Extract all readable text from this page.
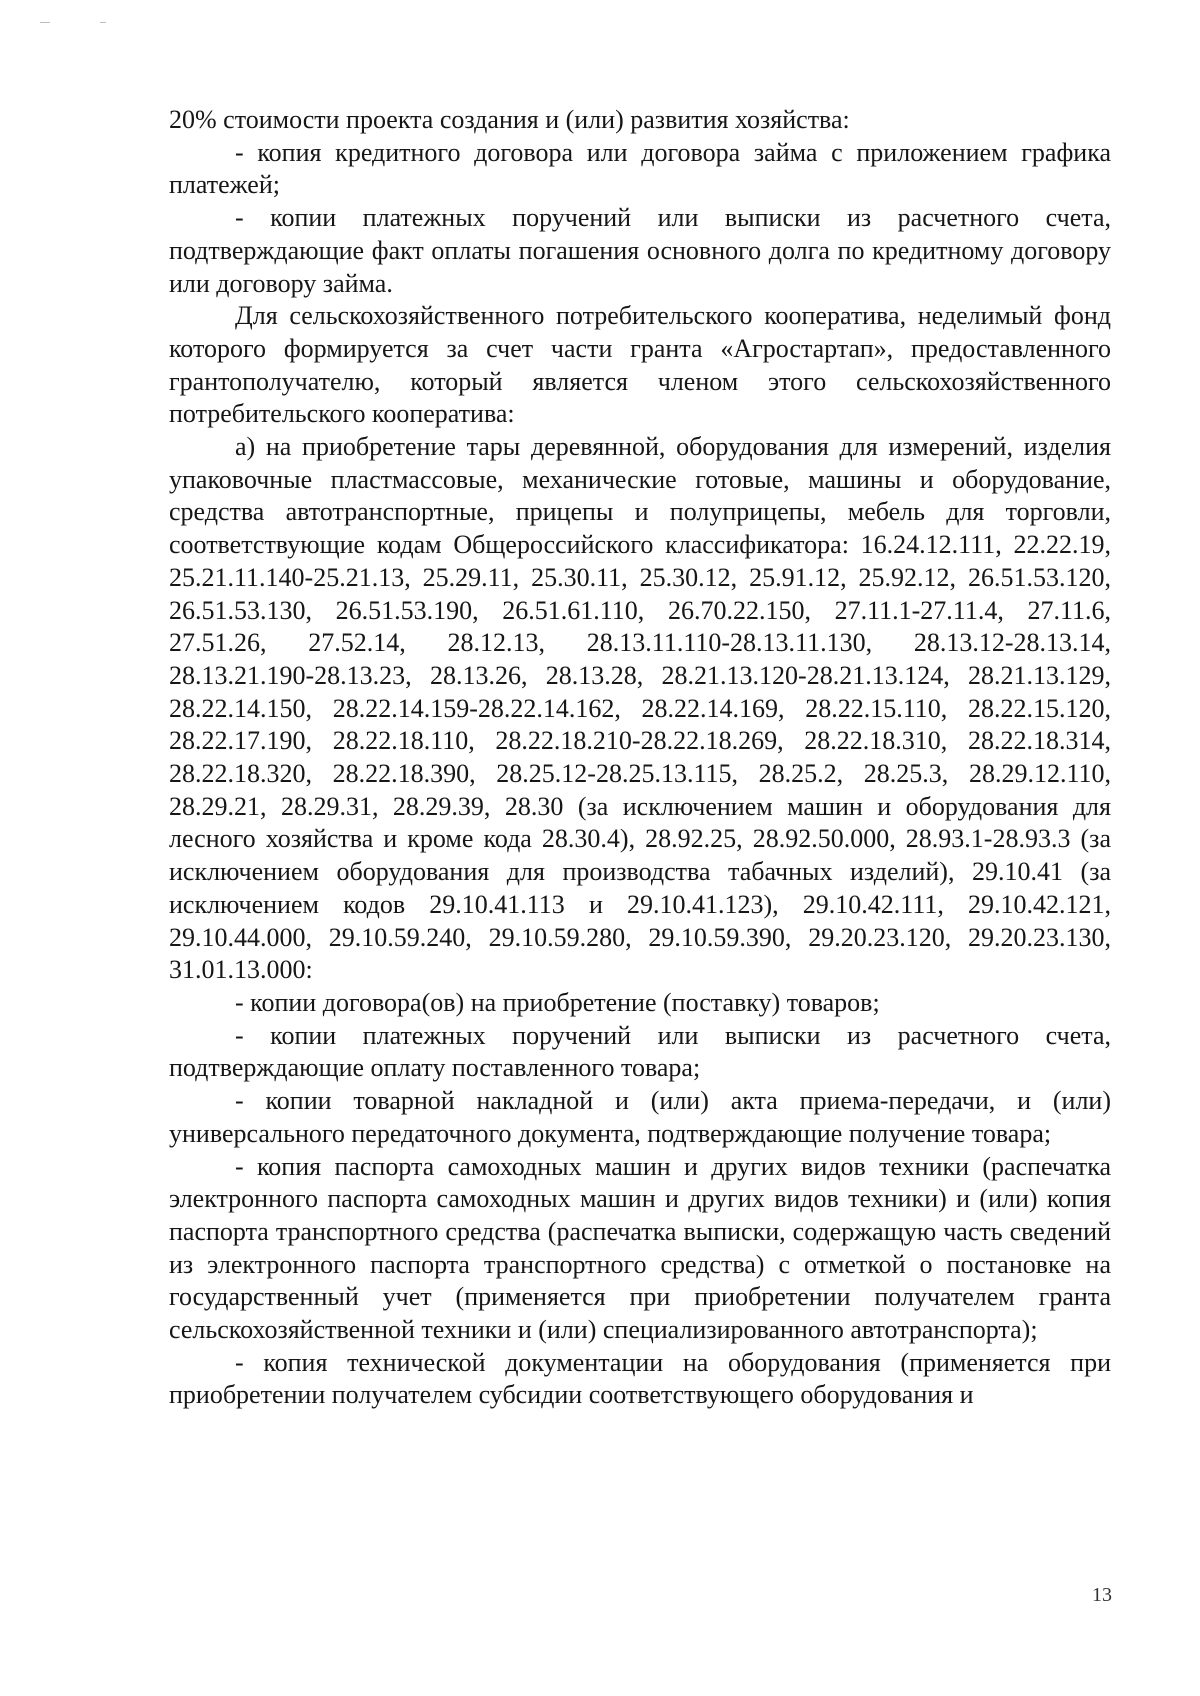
20% стоимости проекта создания и (или) развития хозяйства:

- копия кредитного договора или договора займа с приложением графика платежей;

- копии платежных поручений или выписки из расчетного счета, подтверждающие факт оплаты погашения основного долга по кредитному договору или договору займа.

Для сельскохозяйственного потребительского кооператива, неделимый фонд которого формируется за счет части гранта «Агростартап», предоставленного грантополучателю, который является членом этого сельскохозяйственного потребительского кооператива:

а) на приобретение тары деревянной, оборудования для измерений, изделия упаковочные пластмассовые, механические готовые, машины и оборудование, средства автотранспортные, прицепы и полуприцепы, мебель для торговли, соответствующие кодам Общероссийского классификатора: 16.24.12.111, 22.22.19, 25.21.11.140-25.21.13, 25.29.11, 25.30.11, 25.30.12, 25.91.12, 25.92.12, 26.51.53.120, 26.51.53.130, 26.51.53.190, 26.51.61.110, 26.70.22.150, 27.11.1-27.11.4, 27.11.6, 27.51.26, 27.52.14, 28.12.13, 28.13.11.110-28.13.11.130, 28.13.12-28.13.14, 28.13.21.190-28.13.23, 28.13.26, 28.13.28, 28.21.13.120-28.21.13.124, 28.21.13.129, 28.22.14.150, 28.22.14.159-28.22.14.162, 28.22.14.169, 28.22.15.110, 28.22.15.120, 28.22.17.190, 28.22.18.110, 28.22.18.210-28.22.18.269, 28.22.18.310, 28.22.18.314, 28.22.18.320, 28.22.18.390, 28.25.12-28.25.13.115, 28.25.2, 28.25.3, 28.29.12.110, 28.29.21, 28.29.31, 28.29.39, 28.30 (за исключением машин и оборудования для лесного хозяйства и кроме кода 28.30.4), 28.92.25, 28.92.50.000, 28.93.1-28.93.3 (за исключением оборудования для производства табачных изделий), 29.10.41 (за исключением кодов 29.10.41.113 и 29.10.41.123), 29.10.42.111, 29.10.42.121, 29.10.44.000, 29.10.59.240, 29.10.59.280, 29.10.59.390, 29.20.23.120, 29.20.23.130, 31.01.13.000:

- копии договора(ов) на приобретение (поставку) товаров;

- копии платежных поручений или выписки из расчетного счета, подтверждающие оплату поставленного товара;

- копии товарной накладной и (или) акта приема-передачи, и (или) универсального передаточного документа, подтверждающие получение товара;

- копия паспорта самоходных машин и других видов техники (распечатка электронного паспорта самоходных машин и других видов техники) и (или) копия паспорта транспортного средства (распечатка выписки, содержащую часть сведений из электронного паспорта транспортного средства) с отметкой о постановке на государственный учет (применяется при приобретении получателем гранта сельскохозяйственной техники и (или) специализированного автотранспорта);

- копия технической документации на оборудования (применяется при приобретении получателем субсидии соответствующего оборудования и

13
